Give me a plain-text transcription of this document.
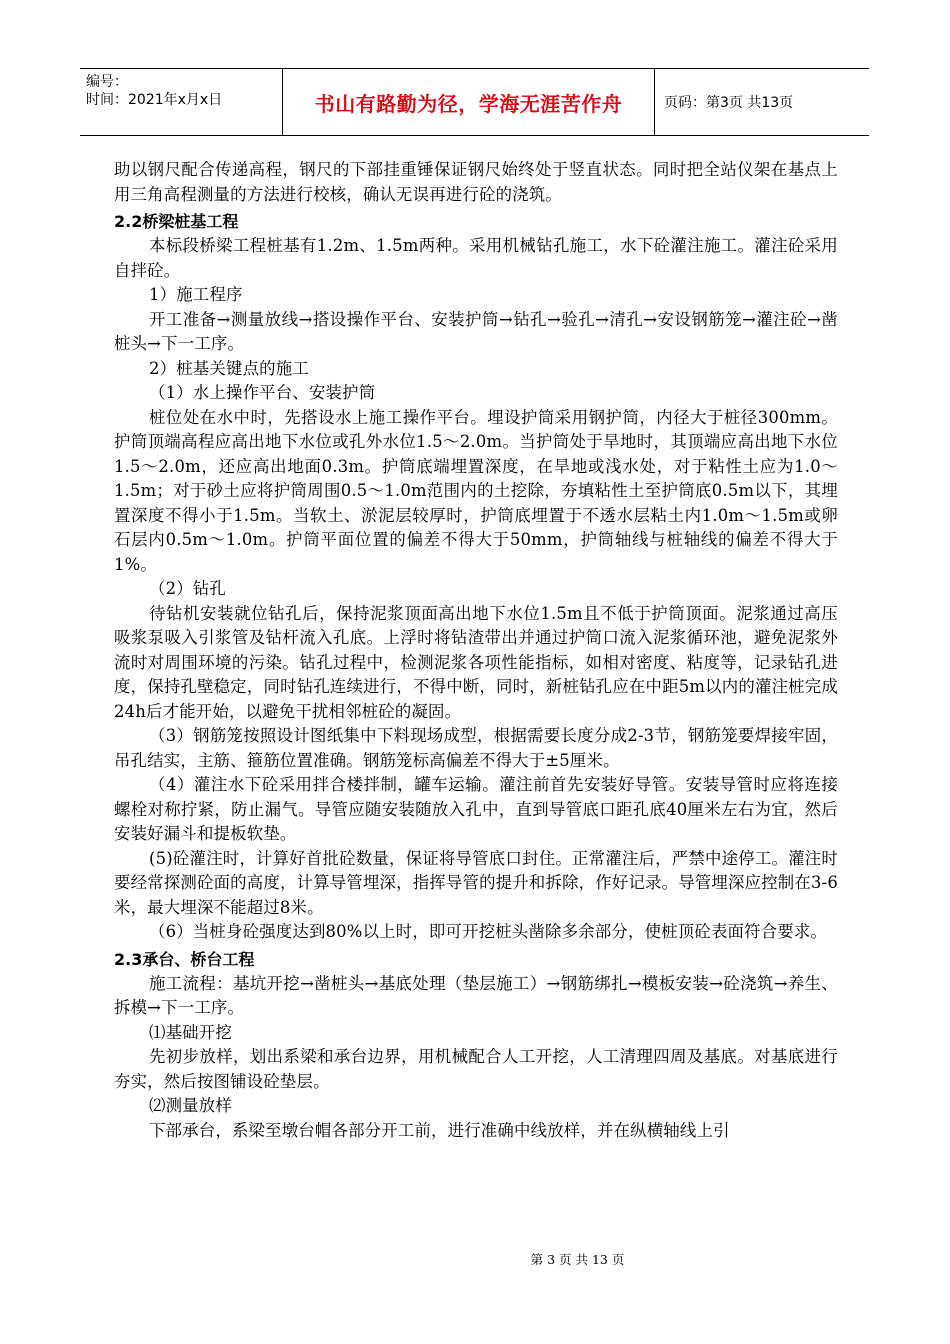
编号：
时间：2021年x月x日	书山有路勤为径，学海无涯苦作舟	页码：第3页 共13页

助以钢尺配合传递高程，钢尺的下部挂重锤保证钢尺始终处于竖直状态。同时把全站仪架在基点上用三角高程测量的方法进行校核，确认无误再进行砼的浇筑。

2.2桥梁桩基工程

本标段桥梁工程桩基有1.2m、1.5m两种。采用机械钻孔施工，水下砼灌注施工。灌注砼采用自拌砼。

1）施工程序

开工准备→测量放线→搭设操作平台、安装护筒→钻孔→验孔→清孔→安设钢筋笼→灌注砼→凿桩头→下一工序。

2）桩基关键点的施工

（1）水上操作平台、安装护筒

桩位处在水中时，先搭设水上施工操作平台。埋设护筒采用钢护筒，内径大于桩径300mm。护筒顶端高程应高出地下水位或孔外水位1.5～2.0m。当护筒处于旱地时，其顶端应高出地下水位1.5～2.0m，还应高出地面0.3m。护筒底端埋置深度，在旱地或浅水处，对于粘性土应为1.0～1.5m；对于砂土应将护筒周围0.5～1.0m范围内的土挖除，夯填粘性土至护筒底0.5m以下，其埋置深度不得小于1.5m。当软土、淤泥层较厚时，护筒底埋置于不透水层粘土内1.0m～1.5m或卵石层内0.5m～1.0m。护筒平面位置的偏差不得大于50mm，护筒轴线与桩轴线的偏差不得大于1%。

（2）钻孔

待钻机安装就位钻孔后，保持泥浆顶面高出地下水位1.5m且不低于护筒顶面。泥浆通过高压吸浆泵吸入引浆管及钻杆流入孔底。上浮时将钻渣带出并通过护筒口流入泥浆循环池，避免泥浆外流时对周围环境的污染。钻孔过程中，检测泥浆各项性能指标，如相对密度、粘度等，记录钻孔进度，保持孔壁稳定，同时钻孔连续进行，不得中断，同时，新桩钻孔应在中距5m以内的灌注桩完成24h后才能开始，以避免干扰相邻桩砼的凝固。

（3）钢筋笼按照设计图纸集中下料现场成型，根据需要长度分成2-3节，钢筋笼要焊接牢固，吊孔结实，主筋、箍筋位置准确。钢筋笼标高偏差不得大于±5厘米。

（4）灌注水下砼采用拌合楼拌制，罐车运输。灌注前首先安装好导管。安装导管时应将连接螺栓对称拧紧，防止漏气。导管应随安装随放入孔中，直到导管底口距孔底40厘米左右为宜，然后安装好漏斗和提板软垫。

(5)砼灌注时，计算好首批砼数量，保证将导管底口封住。正常灌注后，严禁中途停工。灌注时要经常探测砼面的高度，计算导管埋深，指挥导管的提升和拆除，作好记录。导管埋深应控制在3-6米，最大埋深不能超过8米。

（6）当桩身砼强度达到80%以上时，即可开挖桩头凿除多余部分，使桩顶砼表面符合要求。

2.3承台、桥台工程

施工流程：基坑开挖→凿桩头→基底处理（垫层施工）→钢筋绑扎→模板安装→砼浇筑→养生、拆模→下一工序。

⑴基础开挖

先初步放样，划出系梁和承台边界，用机械配合人工开挖，人工清理四周及基底。对基底进行夯实，然后按图铺设砼垫层。

⑵测量放样

下部承台，系梁至墩台帽各部分开工前，进行准确中线放样，并在纵横轴线上引

第 3 页 共 13 页
